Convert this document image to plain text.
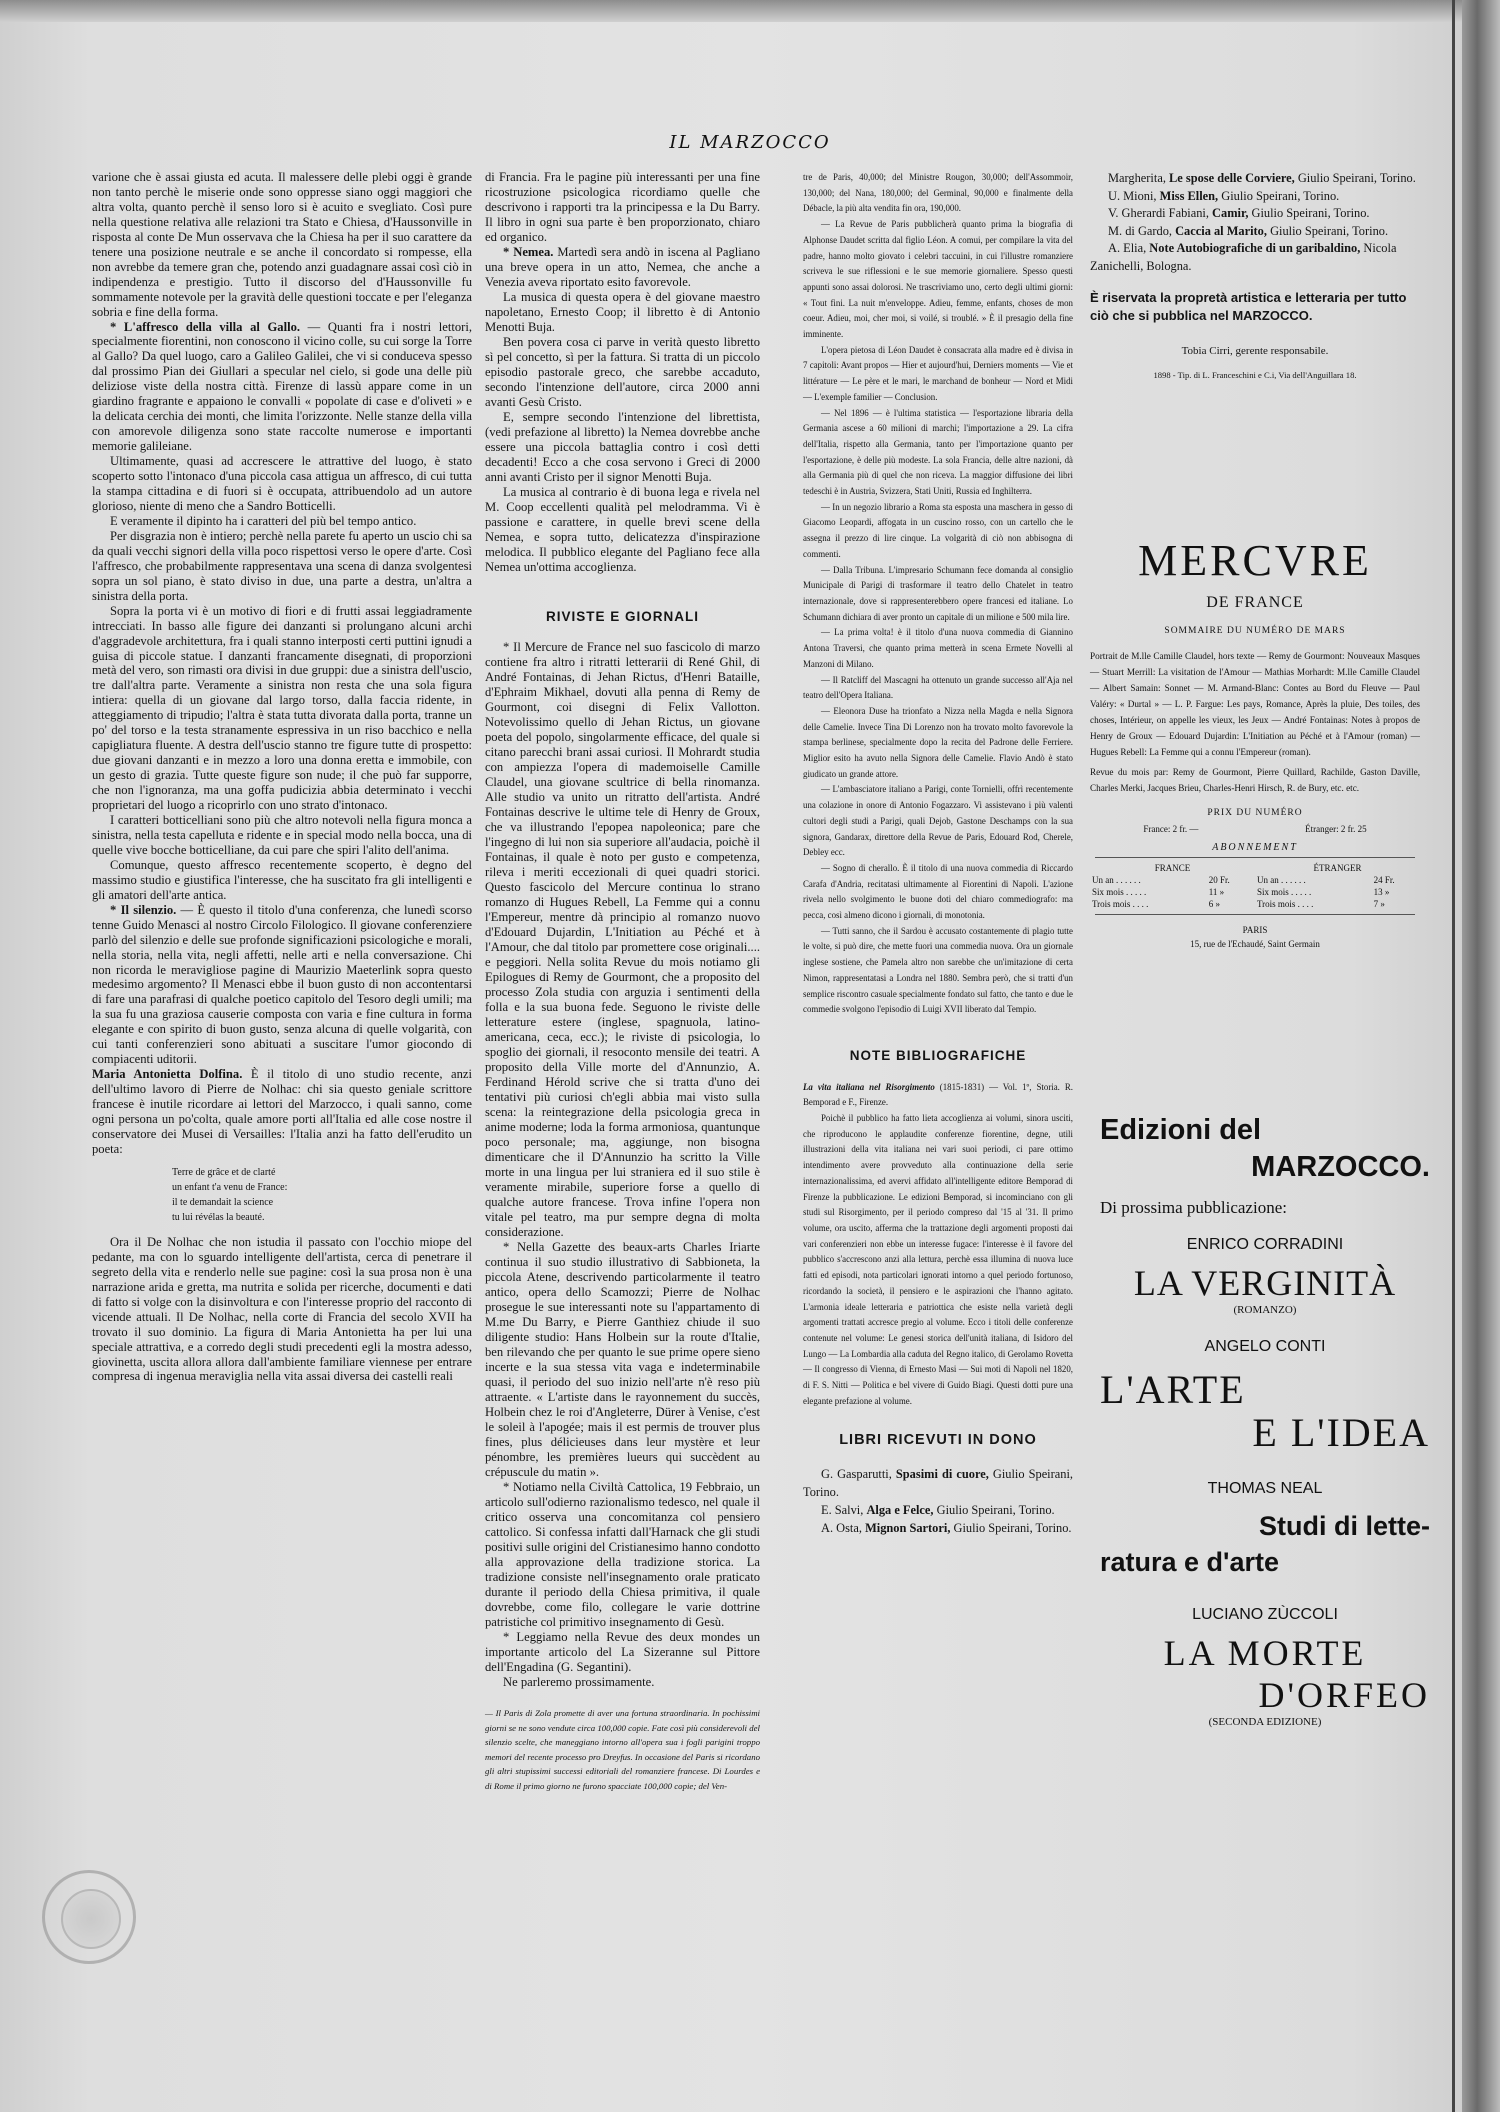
IL MARZOCCO

varione che è assai giusta ed acuta. Il malessere delle plebi oggi è grande non tanto perchè le miserie onde sono oppresse siano oggi maggiori che altra volta, quanto perchè il senso loro si è acuito e svegliato. Così pure nella questione relativa alle relazioni tra Stato e Chiesa, d'Haussonville in risposta al conte De Mun osservava che la Chiesa ha per il suo carattere da tenere una posizione neutrale e se anche il concordato si rompesse, ella non avrebbe da temere gran che, potendo anzi guadagnare assai così ciò in indipendenza e prestigio. Tutto il discorso del d'Haussonville fu sommamente notevole per la gravità delle questioni toccate e per l'eleganza sobria e fine della forma.

* L'affresco della villa al Gallo. — Quanti fra i nostri lettori, specialmente fiorentini, non conoscono il vicino colle, su cui sorge la Torre al Gallo? Da quel luogo, caro a Galileo Galilei, che vi si conduceva spesso dal prossimo Pian dei Giullari a specular nel cielo, si gode una delle più deliziose viste della nostra città. Firenze di lassù appare come in un giardino fragrante e appaiono le convalli « popolate di case e d'oliveti » e la delicata cerchia dei monti, che limita l'orizzonte. Nelle stanze della villa con amorevole diligenza sono state raccolte numerose e importanti memorie galileiane.

Ultimamente, quasi ad accrescere le attrattive del luogo, è stato scoperto sotto l'intonaco d'una piccola casa attigua un affresco, di cui tutta la stampa cittadina e di fuori si è occupata, attribuendolo ad un autore glorioso, niente di meno che a Sandro Botticelli.

E veramente il dipinto ha i caratteri del più bel tempo antico.

Per disgrazia non è intiero; perchè nella parete fu aperto un uscio chi sa da quali vecchi signori della villa poco rispettosi verso le opere d'arte. Così l'affresco, che probabilmente rappresentava una scena di danza svolgentesi sopra un sol piano, è stato diviso in due, una parte a destra, un'altra a sinistra della porta.

Sopra la porta vi è un motivo di fiori e di frutti assai leggiadramente intrecciati. In basso alle figure dei danzanti si prolungano alcuni archi d'aggradevole architettura, fra i quali stanno interposti certi puttini ignudi a guisa di piccole statue. I danzanti francamente disegnati, di proporzioni metà del vero, son rimasti ora divisi in due gruppi: due a sinistra dell'uscio, tre dall'altra parte. Veramente a sinistra non resta che una sola figura intiera: quella di un giovane dal largo torso, dalla faccia ridente, in atteggiamento di tripudio; l'altra è stata tutta divorata dalla porta, tranne un po' del torso e la testa stranamente espressiva in un riso bacchico e nella capigliatura fluente. A destra dell'uscio stanno tre figure tutte di prospetto: due giovani danzanti e in mezzo a loro una donna eretta e immobile, con un gesto di grazia. Tutte queste figure son nude; il che può far supporre, che non l'ignoranza, ma una goffa pudicizia abbia determinato i vecchi proprietari del luogo a ricoprirlo con uno strato d'intonaco.

I caratteri botticelliani sono più che altro notevoli nella figura monca a sinistra, nella testa capelluta e ridente e in special modo nella bocca, una di quelle vive bocche botticelliane, da cui pare che spiri l'alito dell'anima.

Comunque, questo affresco recentemente scoperto, è degno del massimo studio e giustifica l'interesse, che ha suscitato fra gli intelligenti e gli amatori dell'arte antica.

* Il silenzio. — È questo il titolo d'una conferenza, che lunedì scorso tenne Guido Menasci al nostro Circolo Filologico. Il giovane conferenziere parlò del silenzio e delle sue profonde significazioni psicologiche e morali, nella storia, nella vita, negli affetti, nelle arti e nella conversazione. Chi non ricorda le meravigliose pagine di Maurizio Maeterlink sopra questo medesimo argomento? Il Menasci ebbe il buon gusto di non accontentarsi di fare una parafrasi di qualche poetico capitolo del Tesoro degli umili; ma la sua fu una graziosa causerie composta con varia e fine cultura in forma elegante e con spirito di buon gusto, senza alcuna di quelle volgarità, con cui tanti conferenzieri sono abituati a suscitare l'umor giocondo di compiacenti uditorii.

Maria Antonietta Dolfina. È il titolo di uno studio recente, anzi dell'ultimo lavoro di Pierre de Nolhac: chi sia questo geniale scrittore francese è inutile ricordare ai lettori del Marzocco, i quali sanno, come ogni persona un po'colta, quale amore porti all'Italia ed alle cose nostre il conservatore dei Musei di Versailles: l'Italia anzi ha fatto dell'erudito un poeta:

Terre de grâce et de clarté
un enfant t'a venu de France:
il te demandait la science
tu lui révélas la beauté.

Ora il De Nolhac che non istudia il passato con l'occhio miope del pedante, ma con lo sguardo intelligente dell'artista, cerca di penetrare il segreto della vita e renderlo nelle sue pagine: così la sua prosa non è una narrazione arida e gretta, ma nutrita e solida per ricerche, documenti e dati di fatto si volge con la disinvoltura e con l'interesse proprio del racconto di vicende attuali. Il De Nolhac, nella corte di Francia del secolo XVII ha trovato il suo dominio. La figura di Maria Antonietta ha per lui una speciale attrattiva, e a corredo degli studi precedenti egli la mostra adesso, giovinetta, uscita allora allora dall'ambiente familiare viennese per entrare compresa di ingenua meraviglia nella vita assai diversa dei castelli reali

di Francia. Fra le pagine più interessanti per una fine ricostruzione psicologica ricordiamo quelle che descrivono i rapporti tra la principessa e la Du Barry. Il libro in ogni sua parte è ben proporzionato, chiaro ed organico.

* Nemea. Martedì sera andò in iscena al Pagliano una breve opera in un atto, Nemea, che anche a Venezia aveva riportato esito favorevole.

La musica di questa opera è del giovane maestro napoletano, Ernesto Coop; il libretto è di Antonio Menotti Buja.

Ben povera cosa ci parve in verità questo libretto sì pel concetto, sì per la fattura. Si tratta di un piccolo episodio pastorale greco, che sarebbe accaduto, secondo l'intenzione dell'autore, circa 2000 anni avanti Gesù Cristo.

E, sempre secondo l'intenzione del librettista, (vedi prefazione al libretto) la Nemea dovrebbe anche essere una piccola battaglia contro i così detti decadenti! Ecco a che cosa servono i Greci di 2000 anni avanti Cristo per il signor Menotti Buja.

La musica al contrario è di buona lega e rivela nel M. Coop eccellenti qualità pel melodramma. Vi è passione e carattere, in quelle brevi scene della Nemea, e sopra tutto, delicatezza d'inspirazione melodica. Il pubblico elegante del Pagliano fece alla Nemea un'ottima accoglienza.

RIVISTE E GIORNALI

* Il Mercure de France nel suo fascicolo di marzo contiene fra altro i ritratti letterarii di René Ghil, di André Fontainas, di Jehan Rictus, d'Henri Bataille, d'Ephraim Mikhael, dovuti alla penna di Remy de Gourmont, coi disegni di Felix Vallotton. Notevolissimo quello di Jehan Rictus, un giovane poeta del popolo, singolarmente efficace, del quale si citano parecchi brani assai curiosi. Il Mohrardt studia con ampiezza l'opera di mademoiselle Camille Claudel, una giovane scultrice di bella rinomanza. Alle studio va unito un ritratto dell'artista. André Fontainas descrive le ultime tele di Henry de Groux, che va illustrando l'epopea napoleonica; pare che l'ingegno di lui non sia superiore all'audacia, poichè il Fontainas, il quale è noto per gusto e competenza, rileva i meriti eccezionali di quei quadri storici. Questo fascicolo del Mercure continua lo strano romanzo di Hugues Rebell, La Femme qui a connu l'Empereur, mentre dà principio al romanzo nuovo d'Edouard Dujardin, L'Initiation au Péché et à l'Amour, che dal titolo par promettere cose originali.... e peggiori. Nella solita Revue du mois notiamo gli Epilogues di Remy de Gourmont, che a proposito del processo Zola studia con arguzia i sentimenti della folla e la sua buona fede. Seguono le riviste delle letterature estere (inglese, spagnuola, latino-americana, ceca, ecc.); le riviste di psicologia, lo spoglio dei giornali, il resoconto mensile dei teatri. A proposito della Ville morte del d'Annunzio, A. Ferdinand Hérold scrive che si tratta d'uno dei tentativi più curiosi ch'egli abbia mai visto sulla scena: la reintegrazione della psicologia greca in anime moderne; loda la forma armoniosa, quantunque poco personale; ma, aggiunge, non bisogna dimenticare che il D'Annunzio ha scritto la Ville morte in una lingua per lui straniera ed il suo stile è veramente mirabile, superiore forse a quello di qualche autore francese. Trova infine l'opera non vitale pel teatro, ma pur sempre degna di molta considerazione.

* Nella Gazette des beaux-arts Charles Iriarte continua il suo studio illustrativo di Sabbioneta, la piccola Atene, descrivendo particolarmente il teatro antico, opera dello Scamozzi; Pierre de Nolhac prosegue le sue interessanti note su l'appartamento di M.me Du Barry, e Pierre Ganthiez chiude il suo diligente studio: Hans Holbein sur la route d'Italie, ben rilevando che per quanto le sue prime opere sieno incerte e la sua stessa vita vaga e indeterminabile quasi, il periodo del suo inizio nell'arte n'è reso più attraente. « L'artiste dans le rayonnement du succès, Holbein chez le roi d'Angleterre, Dürer à Venise, c'est le soleil à l'apogée; mais il est permis de trouver plus fines, plus délicieuses dans leur mystère et leur pénombre, les premières lueurs qui succèdent au crépuscule du matin ».

* Notiamo nella Civiltà Cattolica, 19 Febbraio, un articolo sull'odierno razionalismo tedesco, nel quale il critico osserva una concomitanza col pensiero cattolico. Si confessa infatti dall'Harnack che gli studi positivi sulle origini del Cristianesimo hanno condotto alla approvazione della tradizione storica. La tradizione consiste nell'insegnamento orale praticato durante il periodo della Chiesa primitiva, il quale dovrebbe, come filo, collegare le varie dottrine patristiche col primitivo insegnamento di Gesù.

* Leggiamo nella Revue des deux mondes un importante articolo del La Sizeranne sul Pittore dell'Engadina (G. Segantini).

Ne parleremo prossimamente.

— Il Paris di Zola promette di aver una fortuna straordinaria. In pochissimi giorni se ne sono vendute circa 100,000 copie. Fate così più considerevoli del silenzio scelte, che maneggiano intorno all'opera sua i fogli parigini troppo memori del recente processo pro Dreyfus. In occasione del Paris si ricordano gli altri stupissimi successi editoriali del romanziere francese. Di Lourdes e di Rome il primo giorno ne furono spacciate 100,000 copie; del Ven-

tre de Paris, 40,000; del Ministre Rougon, 30,000; dell'Assommoir, 130,000; del Nana, 180,000; del Germinal, 90,000 e finalmente della Débacle, la più alta vendita fin ora, 190,000.

— La Revue de Paris pubblicherà quanto prima la biografia di Alphonse Daudet scritta dal figlio Léon. A comui, per compilare la vita del padre, hanno molto giovato i celebri taccuini, in cui l'illustre romanziere scriveva le sue riflessioni e le sue memorie giornaliere. Spesso questi appunti sono assai dolorosi. Ne trascriviamo uno, certo degli ultimi giorni: « Tout fini. La nuit m'enveloppe. Adieu, femme, enfants, choses de mon coeur. Adieu, moi, cher moi, si voilé, si troublé. » È il presagio della fine imminente.

L'opera pietosa di Léon Daudet è consacrata alla madre ed è divisa in 7 capitoli: Avant propos — Hier et aujourd'hui, Derniers moments — Vie et littérature — Le père et le mari, le marchand de bonheur — Nord et Midi — L'exemple familier — Conclusion.

— Nel 1896 — è l'ultima statistica — l'esportazione libraria della Germania ascese a 60 milioni di marchi; l'importazione a 29. La cifra dell'Italia, rispetto alla Germania, tanto per l'importazione quanto per l'esportazione, è delle più modeste. La sola Francia, delle altre nazioni, dà alla Germania più di quel che non riceva. La maggior diffusione dei libri tedeschi è in Austria, Svizzera, Stati Uniti, Russia ed Inghilterra.

— In un negozio librario a Roma sta esposta una maschera in gesso di Giacomo Leopardi, affogata in un cuscino rosso, con un cartello che le assegna il prezzo di lire cinque. La volgarità di ciò non abbisogna di commenti.

— Dalla Tribuna. L'impresario Schumann fece domanda al consiglio Municipale di Parigi di trasformare il teatro dello Chatelet in teatro internazionale, dove si rappresenterebbero opere francesi ed italiane. Lo Schumann dichiara di aver pronto un capitale di un milione e 500 mila lire.

— La prima volta! è il titolo d'una nuova commedia di Giannino Antona Traversi, che quanto prima metterà in scena Ermete Novelli al Manzoni di Milano.

— Il Ratcliff del Mascagni ha ottenuto un grande successo all'Aja nel teatro dell'Opera Italiana.

— Eleonora Duse ha trionfato a Nizza nella Magda e nella Signora delle Camelie. Invece Tina Di Lorenzo non ha trovato molto favorevole la stampa berlinese, specialmente dopo la recita del Padrone delle Ferriere. Miglior esito ha avuto nella Signora delle Camelie. Flavio Andò è stato giudicato un grande attore.

— L'ambasciatore italiano a Parigi, conte Tornielli, offrì recentemente una colazione in onore di Antonio Fogazzaro. Vi assistevano i più valenti cultori degli studi a Parigi, quali Dejob, Gastone Deschamps con la sua signora, Gandarax, direttore della Revue de Paris, Edouard Rod, Cherele, Debley ecc.

— Sogno di cherallo. È il titolo di una nuova commedia di Riccardo Carafa d'Andria, recitatasi ultimamente al Fiorentini di Napoli. L'azione rivela nello svolgimento le buone doti del chiaro commediografo: ma pecca, così almeno dicono i giornali, di monotonia.

— Tutti sanno, che il Sardou è accusato costantemente di plagio tutte le volte, si può dire, che mette fuori una commedia nuova. Ora un giornale inglese sostiene, che Pamela altro non sarebbe che un'imitazione di certa Nimon, rappresentatasi a Londra nel 1880. Sembra però, che si tratti d'un semplice riscontro casuale specialmente fondato sul fatto, che tanto e due le commedie svolgono l'episodio di Luigi XVII liberato dal Tempio.

NOTE BIBLIOGRAFICHE

La vita italiana nel Risorgimento (1815-1831) — Vol. 1º, Storia. R. Bemporad e F., Firenze.

Poichè il pubblico ha fatto lieta accoglienza ai volumi, sinora usciti, che riproducono le applaudite conferenze fiorentine, degne, utili illustrazioni della vita italiana nei vari suoi periodi, ci pare ottimo intendimento avere provveduto alla continuazione della serie internazionalissima, ed avervi affidato all'intelligente editore Bemporad di Firenze la pubblicazione. Le edizioni Bemporad, si incominciano con gli studi sul Risorgimento, per il periodo compreso dal '15 al '31. Il primo volume, ora uscito, afferma che la trattazione degli argomenti proposti dai vari conferenzieri non ebbe un interesse fugace: l'interesse è il favore del pubblico s'accrescono anzi alla lettura, perchè essa illumina di nuova luce fatti ed episodi, nota particolari ignorati intorno a quel periodo fortunoso, ricordando la società, il pensiero e le aspirazioni che l'hanno agitato. L'armonia ideale letteraria e patriottica che esiste nella varietà degli argomenti trattati accresce pregio al volume. Ecco i titoli delle conferenze contenute nel volume: Le genesi storica dell'unità italiana, di Isidoro del Lungo — La Lombardia alla caduta del Regno italico, di Gerolamo Rovetta — Il congresso di Vienna, di Ernesto Masi — Sui moti di Napoli nel 1820, di F. S. Nitti — Politica e bel vivere di Guido Biagi. Questi dotti pure una elegante prefazione al volume.

LIBRI RICEVUTI IN DONO
G. Gasparutti, Spasimi di cuore, Giulio Speirani, Torino.
E. Salvi, Alga e Felce, Giulio Speirani, Torino.
A. Osta, Mignon Sartori, Giulio Speirani, Torino.
Margherita, Le spose delle Corviere, Giulio Speirani, Torino.
U. Mioni, Miss Ellen, Giulio Speirani, Torino.
V. Gherardi Fabiani, Camir, Giulio Speirani, Torino.
M. di Gardo, Caccia al Marito, Giulio Speirani, Torino.
A. Elia, Note Autobiografiche di un garibaldino, Nicola Zanichelli, Bologna.
È riservata la propretà artistica e letteraria per tutto ciò che si pubblica nel MARZOCCO.
Tobia Cirri, gerente responsabile.
1898 - Tip. di L. Franceschini e C.i, Via dell'Anguillara 18.
MERCVRE
DE FRANCE
SOMMAIRE DU NUMÉRO DE MARS
Portrait de M.lle Camille Claudel, hors texte — Remy de Gourmont: Nouveaux Masques — Stuart Merrill: La visitation de l'Amour — Mathias Morhardt: M.lle Camille Claudel — Albert Samain: Sonnet — M. Armand-Blanc: Contes au Bord du Fleuve — Paul Valéry: « Durtal » — L. P. Fargue: Les pays, Romance, Après la pluie, Des toiles, des choses, Intérieur, on appelle les vieux, les Jeux — André Fontainas: Notes à propos de Henry de Groux — Edouard Dujardin: L'Initiation au Péché et à l'Amour (roman) — Hugues Rebell: La Femme qui a connu l'Empereur (roman).
Revue du mois par: Remy de Gourmont, Pierre Quillard, Rachilde, Gaston Daville, Charles Merki, Jacques Brieu, Charles-Henri Hirsch, R. de Bury, etc. etc.
PRIX DU NUMÉRO
France: 2 fr. —	Étranger: 2 fr. 25
ABONNEMENT
FRANCE		ÉTRANGER	
Un an . . . . . .	20 Fr.	Un an . . . . . .	24 Fr.
Six mois . . . . .	11 »	Six mois . . . . .	13 »
Trois mois . . . .	6 »	Trois mois . . . .	7 »
PARIS
15, rue de l'Echaudé, Saint Germain
Edizioni del
MARZOCCO.
Di prossima pubblicazione:
ENRICO CORRADINI
LA VERGINITÀ
(ROMANZO)
ANGELO CONTI
L'ARTE
E L'IDEA
THOMAS NEAL
Studi di lette-
ratura e d'arte
LUCIANO ZÙCCOLI
LA MORTE
D'ORFEO
(SECONDA EDIZIONE)
